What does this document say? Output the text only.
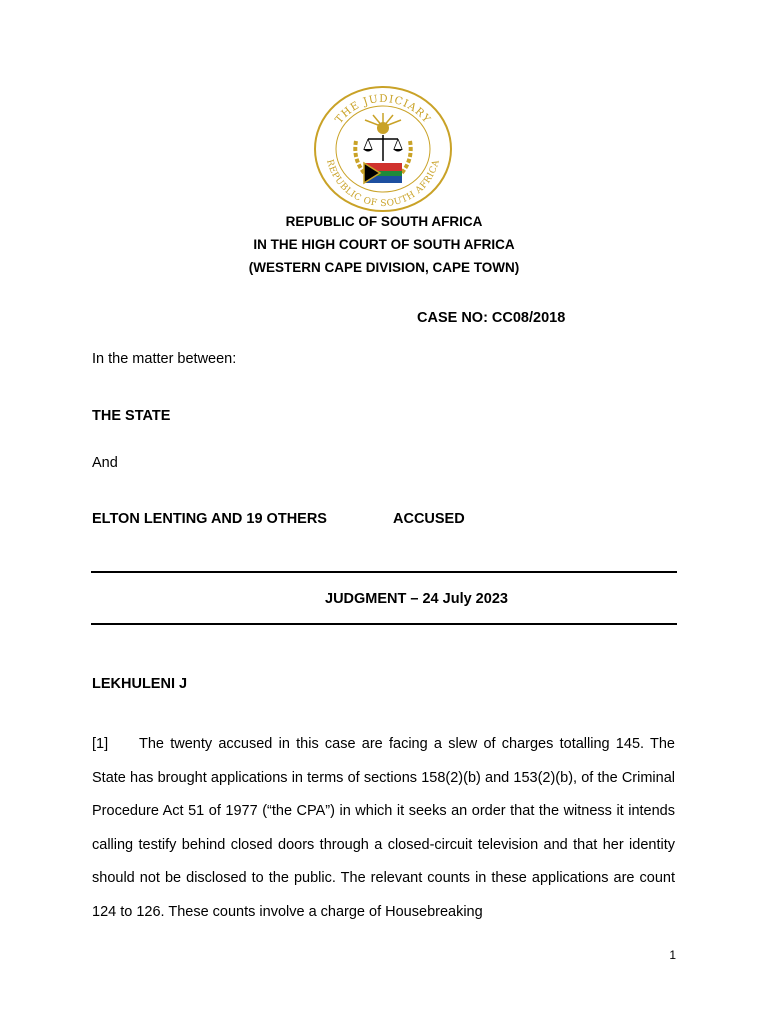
THE JUDICIARY
REPUBLIC OF SOUTH AFRICA
REPUBLIC OF SOUTH AFRICA
IN THE HIGH COURT OF SOUTH AFRICA
(WESTERN CAPE DIVISION, CAPE TOWN)
CASE NO: CC08/2018
In the matter between:
THE STATE
And
ELTON LENTING AND 19 OTHERS	ACCUSED
JUDGMENT – 24 July 2023
LEKHULENI J
[1] The twenty accused in this case are facing a slew of charges totalling 145. The State has brought applications in terms of sections 158(2)(b) and 153(2)(b), of the Criminal Procedure Act 51 of 1977 (“the CPA”) in which it seeks an order that the witness it intends calling testify behind closed doors through a closed-circuit television and that her identity should not be disclosed to the public. The relevant counts in these applications are count 124 to 126. These counts involve a charge of Housebreaking
1
